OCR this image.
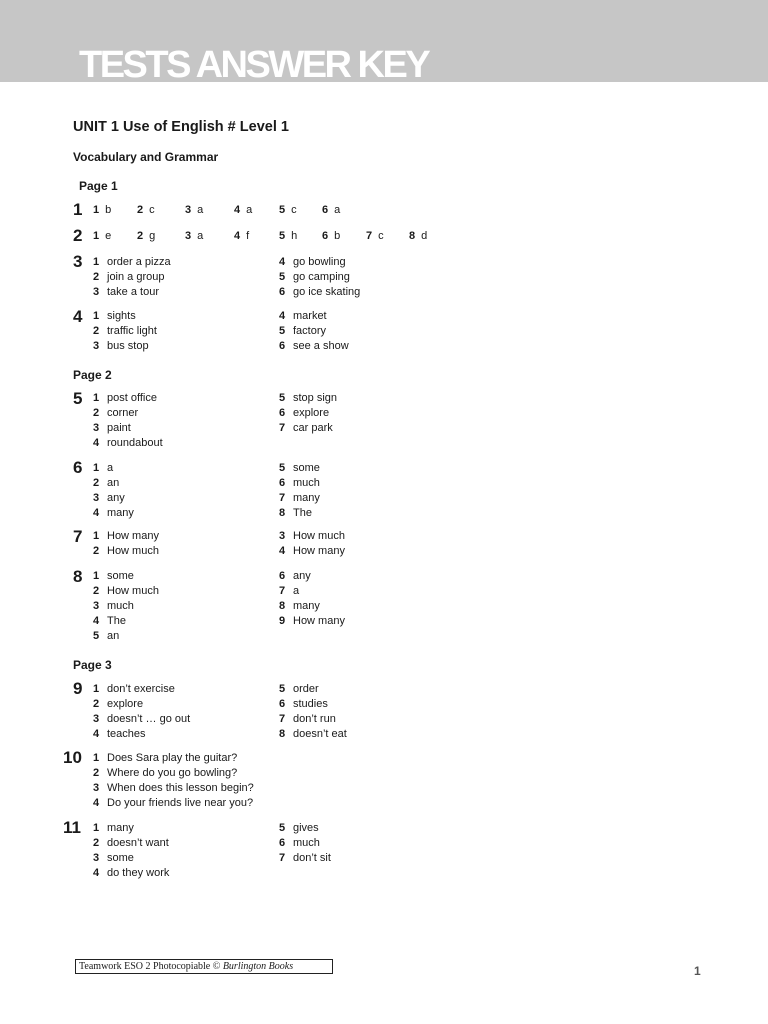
TESTS ANSWER KEY
UNIT 1 Use of English # Level 1
Vocabulary and Grammar
Page 1
Page 2
Page 3
1 1 b 2 c	3 a	4 a 5 c 6 a
2 1 e 2 g	3 a	4 f	5 h 6 b 7 c 8 d
3 1 order a pizza
2 join a group
3 take a tour
4 go bowling
5 go camping
6 go ice skating
4 1 sights
2 traffic light
3 bus stop
4 market
5 factory
6 see a show
5 1 post office
2 corner
3 paint
4 roundabout
5 stop sign
6 explore
7 car park
6 1 a
2 an
3 any
4 many
5 some
6 much
7 many
8 The
7 1 How many
2 How much
3 How much
4 How many
8 1 some
2 How much
3 much
4 The
5 an
6 any
7 a
8 many
9 How many
9 1 don’t exercise
2 explore
3 doesn’t … go out
4 teaches
5 order
6 studies
7 don’t run
8 doesn’t eat
10 1 Does Sara play the guitar?
2 Where do you go bowling?
3 When does this lesson begin?
4 Do your friends live near you?
11 1 many
2 doesn’t want
3 some
4 do they work
5 gives
6 much
7 don’t sit
Teamwork ESO 2 Photocopiable © Burlington Books	1
